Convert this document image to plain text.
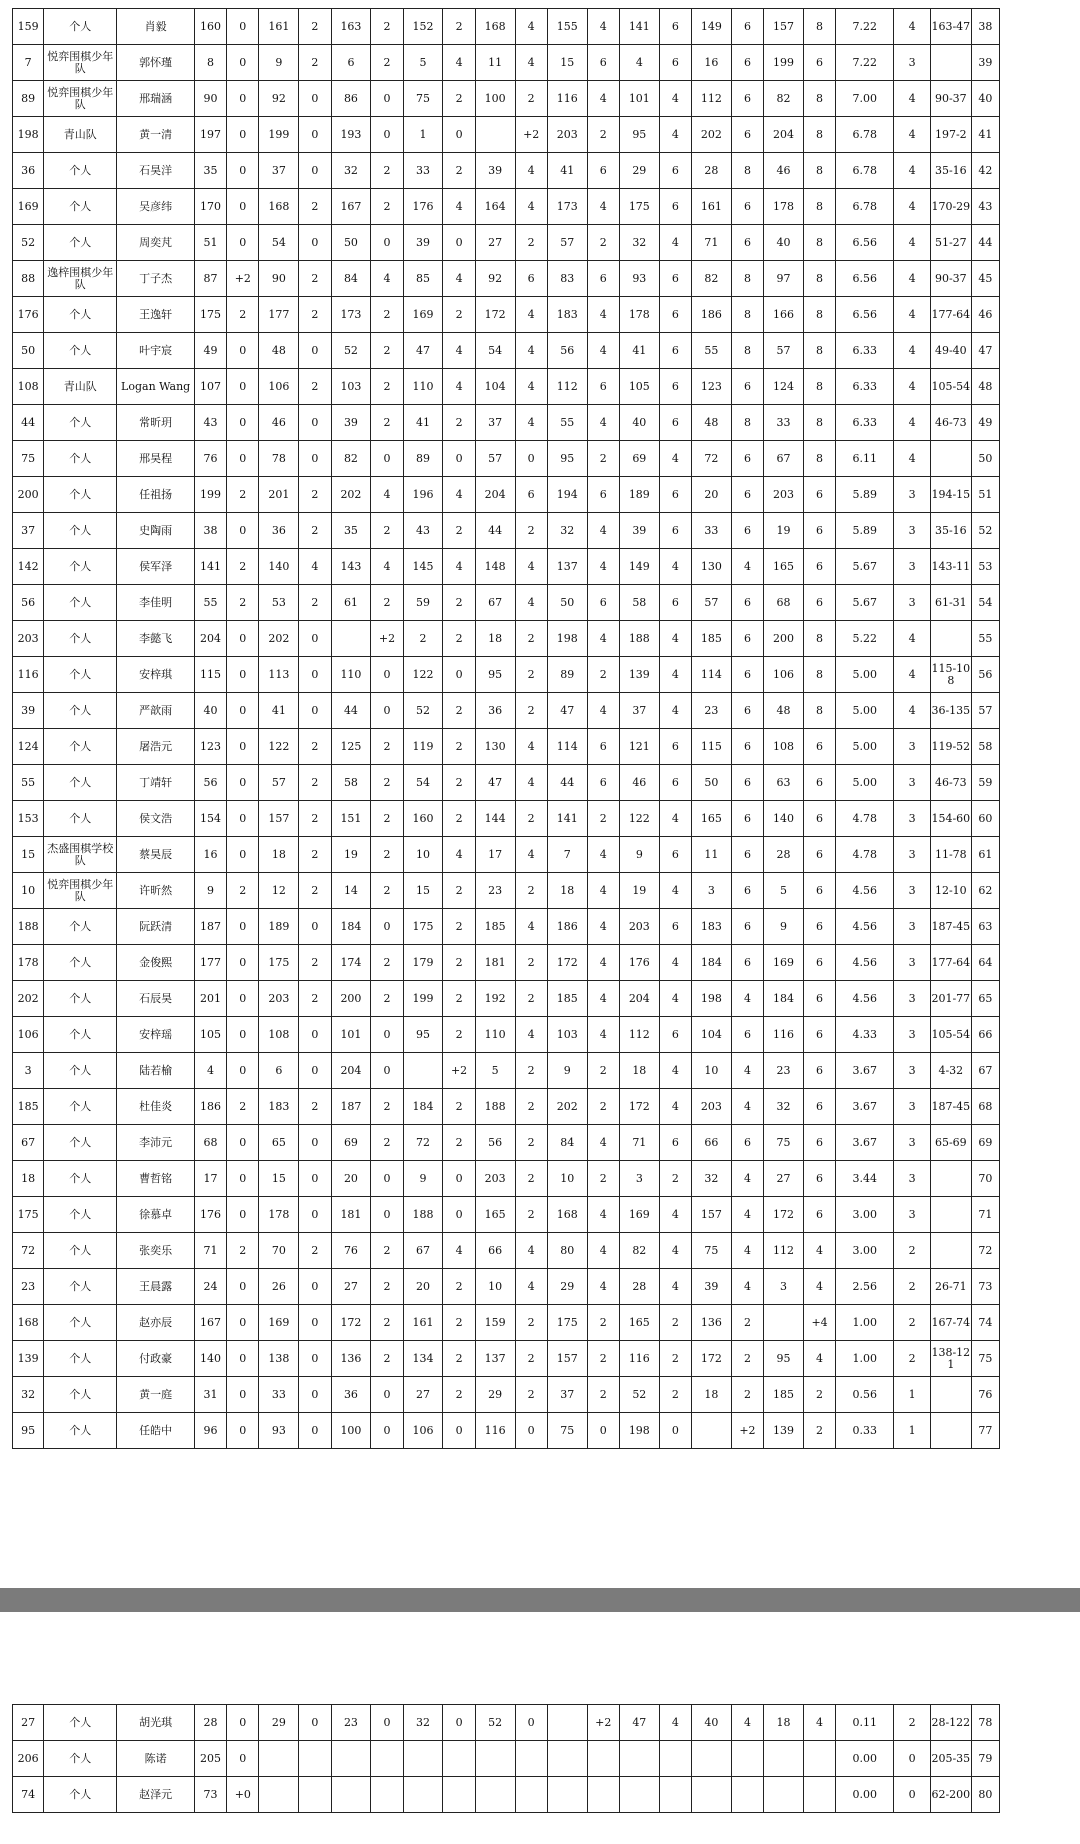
159	个人	肖毅	160	0	161	2	163	2	152	2	168	4	155	4	141	6	149	6	157	8	7.22	4	163-47	38
7	悦弈围棋少年队	郭怀瑾	8	0	9	2	6	2	5	4	11	4	15	6	4	6	16	6	199	6	7.22	3		39
89	悦弈围棋少年队	邢瑞涵	90	0	92	0	86	0	75	2	100	2	116	4	101	4	112	6	82	8	7.00	4	90-37	40
198	青山队	黄一清	197	0	199	0	193	0	1	0		+2	203	2	95	4	202	6	204	8	6.78	4	197-2	41
36	个人	石昊洋	35	0	37	0	32	2	33	2	39	4	41	6	29	6	28	8	46	8	6.78	4	35-16	42
169	个人	吴彦纬	170	0	168	2	167	2	176	4	164	4	173	4	175	6	161	6	178	8	6.78	4	170-29	43
52	个人	周奕芃	51	0	54	0	50	0	39	0	27	2	57	2	32	4	71	6	40	8	6.56	4	51-27	44
88	逸梓围棋少年队	丁子杰	87	+2	90	2	84	4	85	4	92	6	83	6	93	6	82	8	97	8	6.56	4	90-37	45
176	个人	王逸轩	175	2	177	2	173	2	169	2	172	4	183	4	178	6	186	8	166	8	6.56	4	177-64	46
50	个人	叶宇宸	49	0	48	0	52	2	47	4	54	4	56	4	41	6	55	8	57	8	6.33	4	49-40	47
108	青山队	Logan Wang	107	0	106	2	103	2	110	4	104	4	112	6	105	6	123	6	124	8	6.33	4	105-54	48
44	个人	常昕玥	43	0	46	0	39	2	41	2	37	4	55	4	40	6	48	8	33	8	6.33	4	46-73	49
75	个人	邢昊程	76	0	78	0	82	0	89	0	57	0	95	2	69	4	72	6	67	8	6.11	4		50
200	个人	任祖扬	199	2	201	2	202	4	196	4	204	6	194	6	189	6	20	6	203	6	5.89	3	194-15	51
37	个人	史陶雨	38	0	36	2	35	2	43	2	44	2	32	4	39	6	33	6	19	6	5.89	3	35-16	52
142	个人	侯军泽	141	2	140	4	143	4	145	4	148	4	137	4	149	4	130	4	165	6	5.67	3	143-11	53
56	个人	李佳明	55	2	53	2	61	2	59	2	67	4	50	6	58	6	57	6	68	6	5.67	3	61-31	54
203	个人	李懿飞	204	0	202	0		+2	2	2	18	2	198	4	188	4	185	6	200	8	5.22	4		55
116	个人	安梓琪	115	0	113	0	110	0	122	0	95	2	89	2	139	4	114	6	106	8	5.00	4	115-108	56
39	个人	严歆雨	40	0	41	0	44	0	52	2	36	2	47	4	37	4	23	6	48	8	5.00	4	36-135	57
124	个人	屠浩元	123	0	122	2	125	2	119	2	130	4	114	6	121	6	115	6	108	6	5.00	3	119-52	58
55	个人	丁靖轩	56	0	57	2	58	2	54	2	47	4	44	6	46	6	50	6	63	6	5.00	3	46-73	59
153	个人	侯文浩	154	0	157	2	151	2	160	2	144	2	141	2	122	4	165	6	140	6	4.78	3	154-60	60
15	杰盛围棋学校队	蔡昊辰	16	0	18	2	19	2	10	4	17	4	7	4	9	6	11	6	28	6	4.78	3	11-78	61
10	悦弈围棋少年队	许昕然	9	2	12	2	14	2	15	2	23	2	18	4	19	4	3	6	5	6	4.56	3	12-10	62
188	个人	阮跃清	187	0	189	0	184	0	175	2	185	4	186	4	203	6	183	6	9	6	4.56	3	187-45	63
178	个人	金俊熙	177	0	175	2	174	2	179	2	181	2	172	4	176	4	184	6	169	6	4.56	3	177-64	64
202	个人	石辰昊	201	0	203	2	200	2	199	2	192	2	185	4	204	4	198	4	184	6	4.56	3	201-77	65
106	个人	安梓瑶	105	0	108	0	101	0	95	2	110	4	103	4	112	6	104	6	116	6	4.33	3	105-54	66
3	个人	陆若榆	4	0	6	0	204	0		+2	5	2	9	2	18	4	10	4	23	6	3.67	3	4-32	67
185	个人	杜佳炎	186	2	183	2	187	2	184	2	188	2	202	2	172	4	203	4	32	6	3.67	3	187-45	68
67	个人	李沛元	68	0	65	0	69	2	72	2	56	2	84	4	71	6	66	6	75	6	3.67	3	65-69	69
18	个人	曹哲铭	17	0	15	0	20	0	9	0	203	2	10	2	3	2	32	4	27	6	3.44	3		70
175	个人	徐慕卓	176	0	178	0	181	0	188	0	165	2	168	4	169	4	157	4	172	6	3.00	3		71
72	个人	张奕乐	71	2	70	2	76	2	67	4	66	4	80	4	82	4	75	4	112	4	3.00	2		72
23	个人	王晨露	24	0	26	0	27	2	20	2	10	4	29	4	28	4	39	4	3	4	2.56	2	26-71	73
168	个人	赵亦辰	167	0	169	0	172	2	161	2	159	2	175	2	165	2	136	2		+4	1.00	2	167-74	74
139	个人	付政豪	140	0	138	0	136	2	134	2	137	2	157	2	116	2	172	2	95	4	1.00	2	138-121	75
32	个人	黄一庭	31	0	33	0	36	0	27	2	29	2	37	2	52	2	18	2	185	2	0.56	1		76
95	个人	任皓中	96	0	93	0	100	0	106	0	116	0	75	0	198	0		+2	139	2	0.33	1		77
27	个人	胡光琪	28	0	29	0	23	0	32	0	52	0		+2	47	4	40	4	18	4	0.11	2	28-122	78
206	个人	陈诺	205	0																	0.00	0	205-35	79
74	个人	赵泽元	73	+0																	0.00	0	62-200	80
